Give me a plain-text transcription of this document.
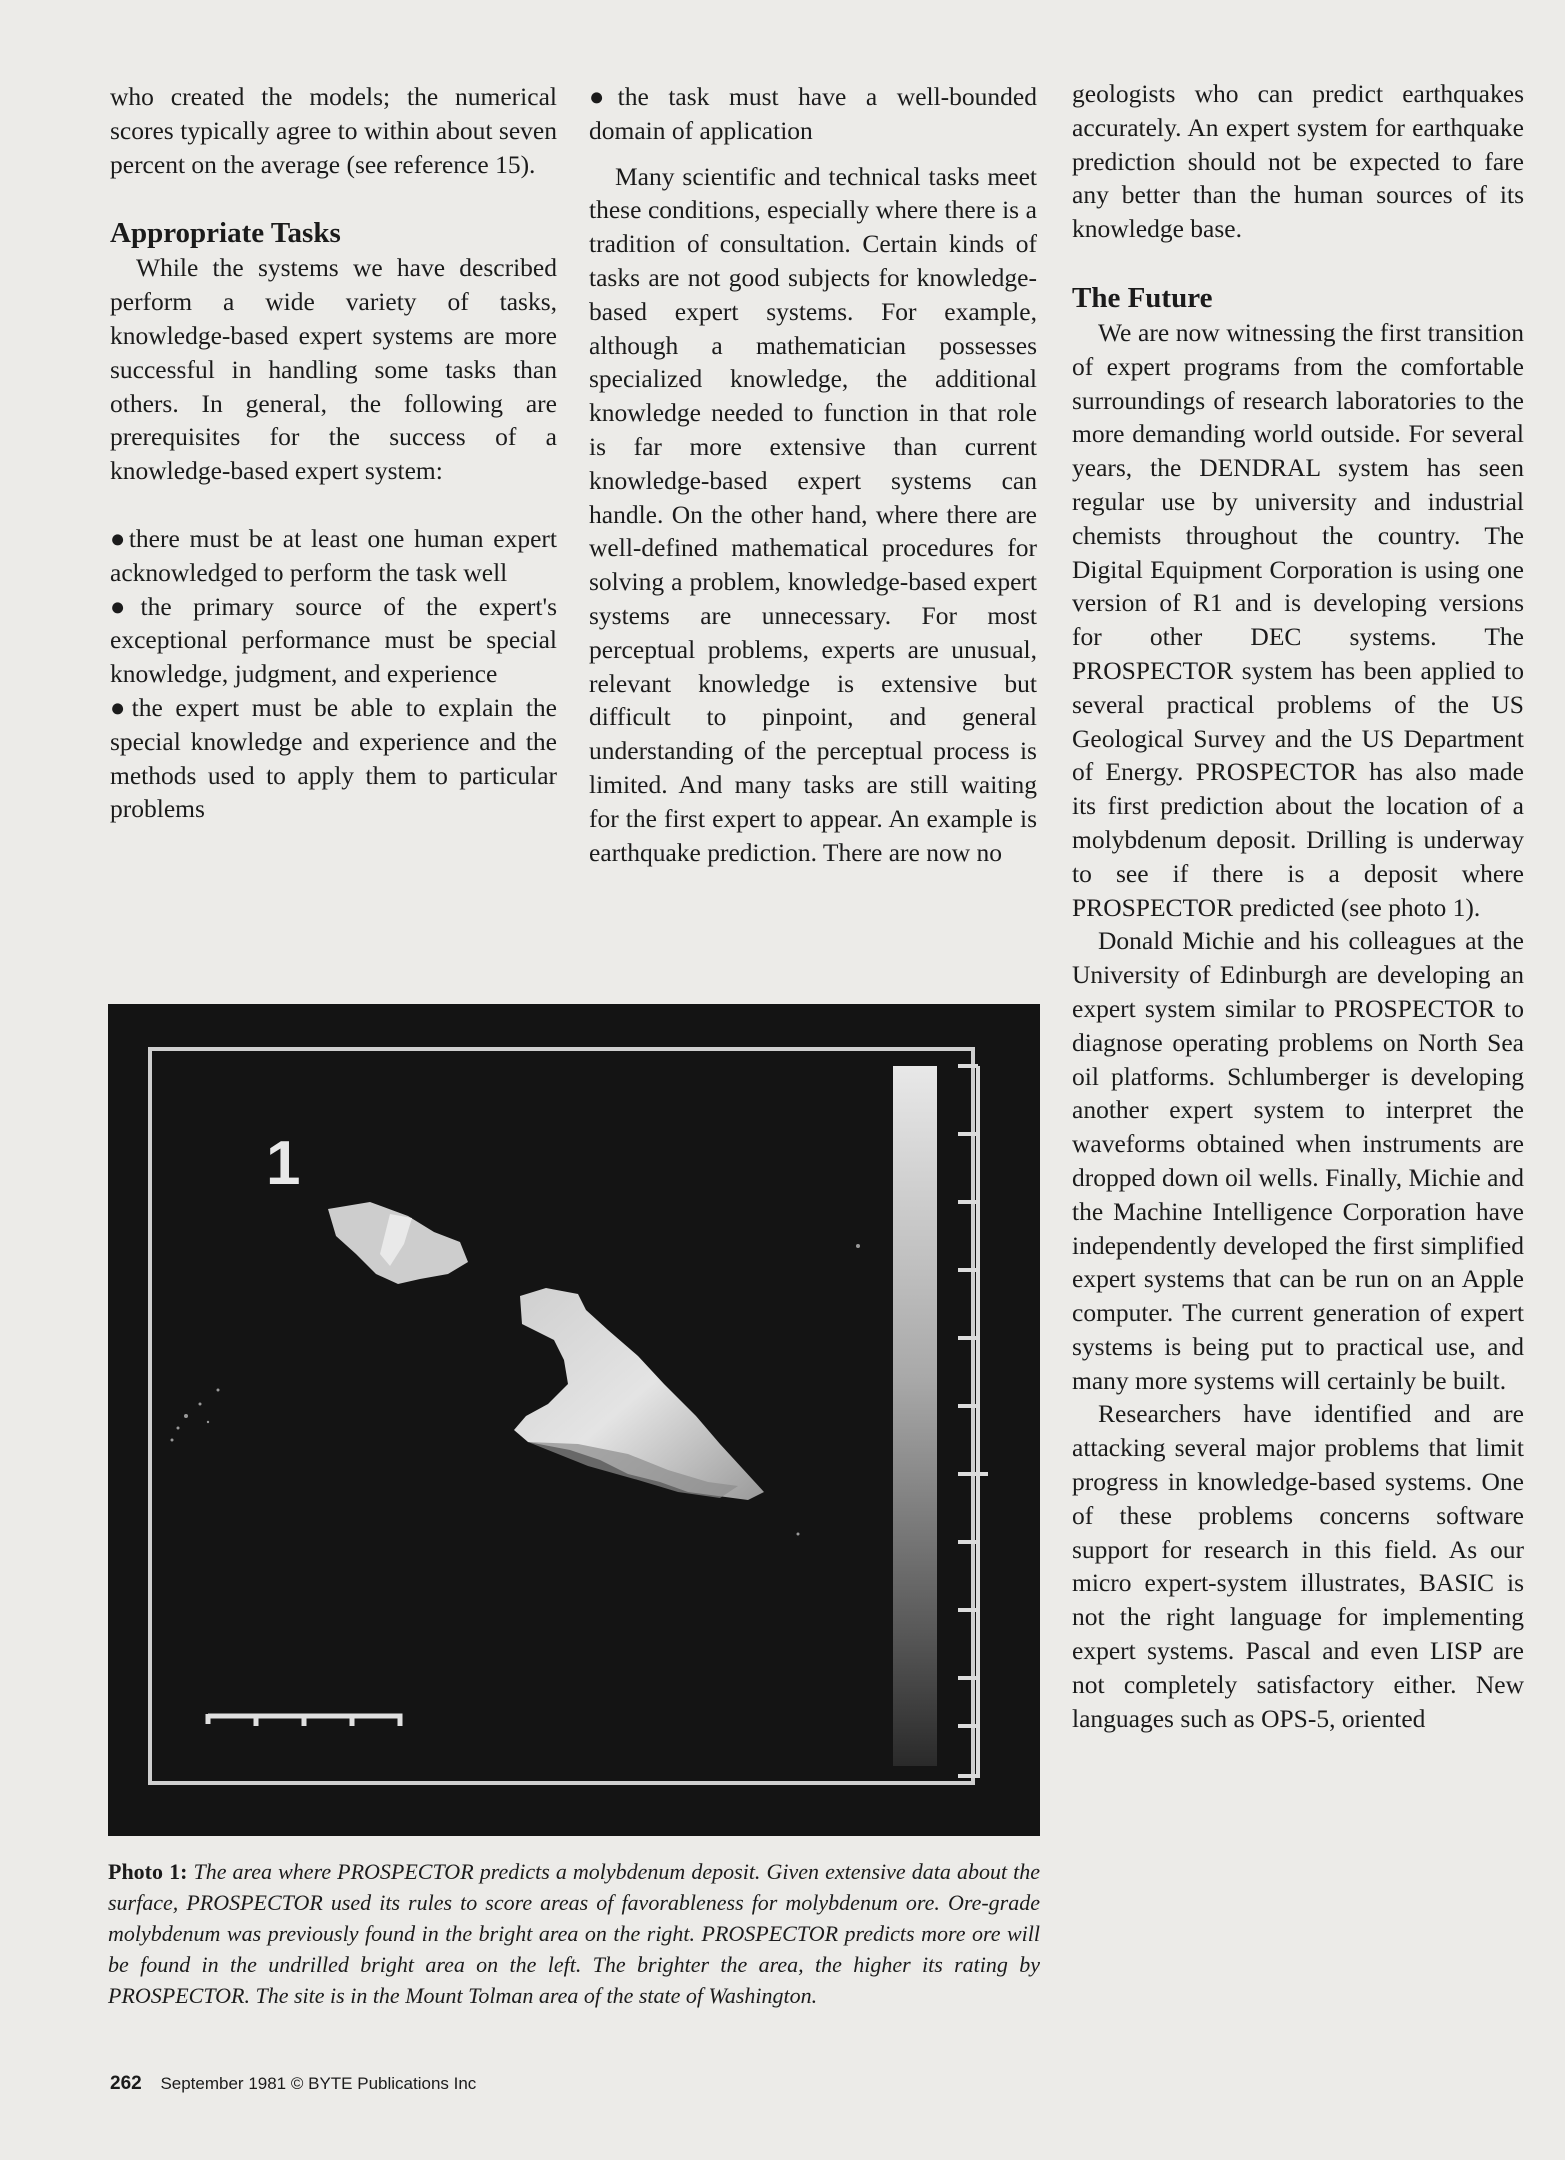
who created the models; the numerical scores typically agree to within about seven percent on the average (see reference 15).

Appropriate Tasks

While the systems we have described perform a wide variety of tasks, knowledge-based expert systems are more successful in handling some tasks than others. In general, the following are prerequisites for the success of a knowledge-based expert system:

●there must be at least one human expert acknowledged to perform the task well

●the primary source of the expert's exceptional performance must be special knowledge, judgment, and experience

●the expert must be able to explain the special knowledge and experience and the methods used to apply them to particular problems

●the task must have a well-bounded domain of application

Many scientific and technical tasks meet these conditions, especially where there is a tradition of consultation. Certain kinds of tasks are not good subjects for knowledge-based expert systems. For example, although a mathematician possesses specialized knowledge, the additional knowledge needed to function in that role is far more extensive than current knowledge-based expert systems can handle. On the other hand, where there are well-defined mathematical procedures for solving a problem, knowledge-based expert systems are unnecessary. For most perceptual problems, experts are unusual, relevant knowledge is extensive but difficult to pinpoint, and general understanding of the perceptual process is limited. And many tasks are still waiting for the first expert to appear. An example is earthquake prediction. There are now no

geologists who can predict earthquakes accurately. An expert system for earthquake prediction should not be expected to fare any better than the human sources of its knowledge base.

The Future

We are now witnessing the first transition of expert programs from the comfortable surroundings of research laboratories to the more demanding world outside. For several years, the DENDRAL system has seen regular use by university and industrial chemists throughout the country. The Digital Equipment Corporation is using one version of R1 and is developing versions for other DEC systems. The PROSPECTOR system has been applied to several practical problems of the US Geological Survey and the US Department of Energy. PROSPECTOR has also made its first prediction about the location of a molybdenum deposit. Drilling is underway to see if there is a deposit where PROSPECTOR predicted (see photo 1).

Donald Michie and his colleagues at the University of Edinburgh are developing an expert system similar to PROSPECTOR to diagnose operating problems on North Sea oil platforms. Schlumberger is developing another expert system to interpret the waveforms obtained when instruments are dropped down oil wells. Finally, Michie and the Machine Intelligence Corporation have independently developed the first simplified expert systems that can be run on an Apple computer. The current generation of expert systems is being put to practical use, and many more systems will certainly be built.

Researchers have identified and are attacking several major problems that limit progress in knowledge-based systems. One of these problems concerns software support for research in this field. As our micro expert-system illustrates, BASIC is not the right language for implementing expert systems. Pascal and even LISP are not completely satisfactory either. New languages such as OPS-5, oriented

1
Photo 1: The area where PROSPECTOR predicts a molybdenum deposit. Given extensive data about the surface, PROSPECTOR used its rules to score areas of favorableness for molybdenum ore. Ore-grade molybdenum was previously found in the bright area on the right. PROSPECTOR predicts more ore will be found in the undrilled bright area on the left. The brighter the area, the higher its rating by PROSPECTOR. The site is in the Mount Tolman area of the state of Washington.
262 September 1981 © BYTE Publications Inc
